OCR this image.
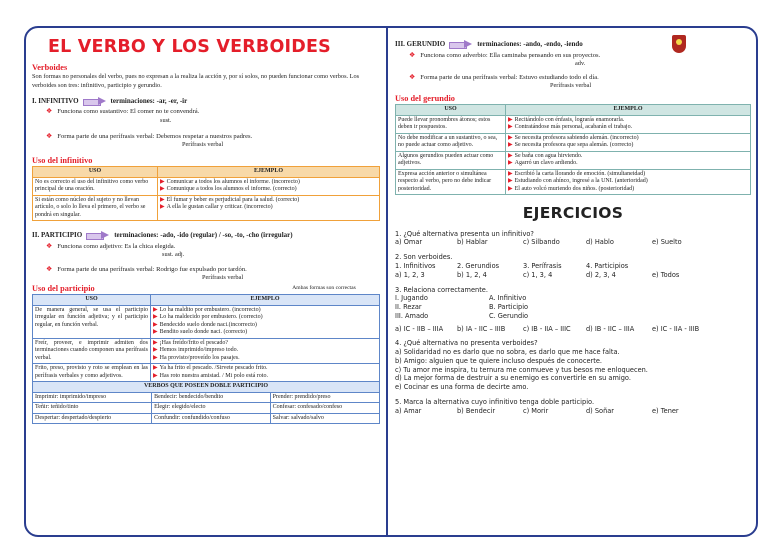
EL VERBO Y LOS VERBOIDES
Verboides
Son formas no personales del verbo, pues no expresan a la realiza la acción y, por sí solos, no pueden funcionar como verbos. Los verboides son tres: infinitivo, participio y gerundio.
I. INFINITIVO	terminaciones: -ar, -er, -ir
❖ Funciona como sustantivo: El comer no te convendrá.
sust.
❖ Forma parte de una perífrasis verbal: Debemos respetar a nuestros padres.
Perífrasis verbal
Uso del infinitivo
USO	EJEMPLO
No es correcto el uso del infinitivo como verbo principal de una oración.	▶ Comunicar a todos los alumnos el informe. (incorrecto)
▶ Comunique a todos los alumnos el informe. (correcto)

Si están como núcleo del sujeto y no llevan artículo, o solo lo lleva el primero, el verbo se pondrá en singular.	▶ El fumar y beber es perjudicial para la salud. (correcto)
▶ A ella le gustan callar y criticar. (incorrecto)
II. PARTICIPIO	terminaciones: -ado, -ido (regular) / -so, -to, -cho (irregular)
❖ Funciona como adjetivo: Es la chica elegida.
sust. adj.
❖ Forma parte de una perífrasis verbal: Rodrigo fue expulsado por tardón.
Perífrasis verbal
Uso del participio
USO	EJEMPLO
De manera general, se usa el participio irregular en función adjetiva; y el participio regular, en función verbal.	▶ Lo ha maldito por embustero. (incorrecto)
▶ Lo ha maldecido por embustero. (correcto)
▶ Bendecido suelo donde naci.(incorrecto)
▶ Bendito suelo donde naci. (correcto)

Freír, proveer, e imprimir admiten dos terminaciones cuando componen una perífrasis verbal.	▶ ¡Has freído/frito el pescado?
▶ Hemos imprimido/impreso todo.
▶ Ha provisto/proveído los pasajes.

Frito, preso, provisto y roto se emplean en las perífrasis verbales y como adjetivos.	▶ Ya ha frito el pescado. /Sirvete pescado frito.
▶ Has roto nuestra amistad. / Mi polo está roto.

VERBOS QUE POSEEN DOBLE PARTICIPIO	
Imprimir: imprimido/impreso	Bendecir: bendecido/bendito	Prender: prendido/preso
Teñir: teñido/tinto	Elegir: elegido/electo	Confesar: confesado/confeso
Despertar: despertado/despierto	Confundir: confundido/confuso	Salvar: salvado/salvo
Ambas formas son correctas

III. GERUNDIO	terminaciones: -ando, -endo, -iendo
❖ Funciona como adverbio: Ella caminaba pensando en sus proyectos.
adv.
❖ Forma parte de una perífrasis verbal: Estuvo estudiando todo el día.
Perífrasis verbal
Uso del gerundio
USO	EJEMPLO
Puede llevar pronombres átonos; estos deben ir pospuestos.	▶ Recitándolo con énfasis, lograrás enamorarla.
▶ Contratándose más personal, acabarán el trabajo.

No debe modificar a un sustantivo, o sea, no puede actuar como adjetivo.	▶ Se necesita profesora sabiendo alemán. (incorrecto)
▶ Se necesita profesora que sepa alemán. (correcto)

Algunos gerundios pueden actuar como adjetivos.	▶ Se baña con agua hirviendo.
▶ Agarró un clavo ardiendo.

Expresa acción anterior o simultánea respecto al verbo, pero no debe indicar posterioridad.	▶ Escribió la carta llorando de emoción. (simultaneidad)
▶ Estudiando con ahínco, ingresé a la UNI. (anterioridad)
▶ El auto volcó muriendo dos niños. (posterioridad)
EJERCICIOS
1. ¿Qué alternativa presenta un infinitivo?
a) Omar	b) Hablar	c) Silbando	d) Hablo	e) Suelto
2. Son verboides.
1. Infinitivos	2. Gerundios	3. Perífrasis	4. Participios
a) 1, 2, 3	b) 1, 2, 4	c) 1, 3, 4	d) 2, 3, 4	e) Todos
3. Relaciona correctamente.
I. Jugando	A. Infinitivo
II. Rezar	B. Participio
III. Amado	C. Gerundio
a) IC - IIB – IIIA	b) IA - IIC – IIIB	c) IB - IIA – IIIC	d) IB - IIC – IIIA	e) IC - IIA - IIIB
4. ¿Qué alternativa no presenta verboides?
a) Solidaridad no es darlo que no sobra, es darlo que me hace falta.
b) Amigo: alguien que te quiere incluso después de conocerte.
c) Tu amor me inspira, tu ternura me conmueve y tus besos me enloquecen.
d) La mejor forma de destruir a su enemigo es convertirle en su amigo.
e) Cocinar es una forma de decirte amo.
5. Marca la alternativa cuyo infinitivo tenga doble participio.
a) Amar	b) Bendecir	c) Morir	d) Soñar	e) Tener
